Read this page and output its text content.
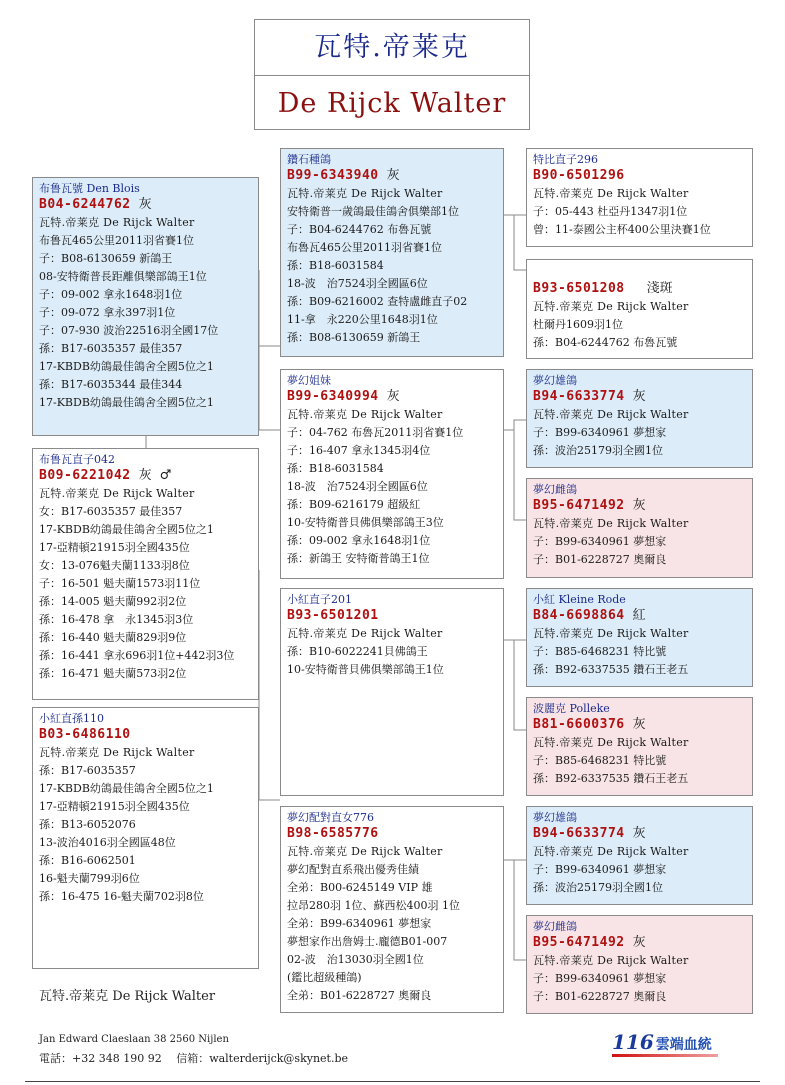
瓦特.帝莱克
De Rijck Walter
布鲁瓦號 Den Blois
B04-6244762 灰
瓦特.帝莱克 De Rijck Walter
布鲁瓦465公里2011羽省賽1位
子：B08-6130659 新鴿王
08-安特衛普長距離俱樂部鴿王1位
子：09-002 拿永1648羽1位
子：09-072 拿永397羽1位
子：07-930 波治22516羽全國17位
孫：B17-6035357 最佳357
17-KBDB幼鴿最佳鴿舍全國5位之1
孫：B17-6035344 最佳344
17-KBDB幼鴿最佳鴿舍全國5位之1
布鲁瓦直子042
B09-6221042 灰 ♂
瓦特.帝莱克 De Rijck Walter
女：B17-6035357 最佳357
17-KBDB幼鴿最佳鴿舍全國5位之1
17-亞精頓21915羽全國435位
女：13-076魁夫蘭1133羽8位
子：16-501 魁夫蘭1573羽11位
孫：14-005 魁夫蘭992羽2位
孫：16-478 拿　永1345羽3位
孫：16-440 魁夫蘭829羽9位
孫：16-441 拿永696羽1位+442羽3位
孫：16-471 魁夫蘭573羽2位
小紅直孫110
B03-6486110
瓦特.帝莱克 De Rijck Walter
孫：B17-6035357
17-KBDB幼鴿最佳鴿舍全國5位之1
17-亞精頓21915羽全國435位
孫：B13-6052076
13-波治4016羽全國區48位
孫：B16-6062501
16-魁夫蘭799羽6位
孫：16-475 16-魁夫蘭702羽8位
鑽石種鴿
B99-6343940 灰
瓦特.帝莱克 De Rijck Walter
安特衛普一歲鴿最佳鴿舍俱樂部1位
子：B04-6244762 布魯瓦號
布魯瓦465公里2011羽省賽1位
孫：B18-6031584
18-波　治7524羽全國區6位
孫：B09-6216002 查特盧雌直子02
11-拿　永220公里1648羽1位
孫：B08-6130659 新鴿王
夢幻姐妹
B99-6340994 灰
瓦特.帝莱克 De Rijck Walter
子：04-762 布魯瓦2011羽省賽1位
子：16-407 拿永1345羽4位
孫：B18-6031584
18-波　治7524羽全國區6位
孫：B09-6216179 超級紅
10-安特衛普貝佛俱樂部鴿王3位
孫：09-002 拿永1648羽1位
孫：新鴿王 安特衛普鴿王1位
小紅直子201
B93-6501201
瓦特.帝莱克 De Rijck Walter
孫：B10-6022241貝佛鴿王
10-安特衛普貝佛俱樂部鴿王1位
夢幻配對直女776
B98-6585776
瓦特.帝莱克 De Rijck Walter
夢幻配對直系飛出優秀佳績
全弟：B00-6245149 VIP 雄
拉昂280羽 1位、蘇西松400羽 1位
全弟：B99-6340961 夢想家
夢想家作出詹姆士.龐德B01-007
02-波　治13030羽全國1位
(鑑比超級種鴿)
全弟：B01-6228727 奧爾良
特比直子296
B90-6501296
瓦特.帝莱克 De Rijck Walter
子：05-443 杜亞丹1347羽1位
曾：11-泰國公主杯400公里決賽1位
B93-6501208 淺斑
瓦特.帝莱克 De Rijck Walter
杜爾丹1609羽1位
孫：B04-6244762 布魯瓦號
夢幻雄鴿
B94-6633774 灰
瓦特.帝莱克 De Rijck Walter
子：B99-6340961 夢想家
孫：波治25179羽全國1位
夢幻雌鴿
B95-6471492 灰
瓦特.帝莱克 De Rijck Walter
子：B99-6340961 夢想家
子：B01-6228727 奧爾良
小紅 Kleine Rode
B84-6698864 紅
瓦特.帝莱克 De Rijck Walter
子：B85-6468231 特比號
孫：B92-6337535 鑽石王老五
波麗克 Polleke
B81-6600376 灰
瓦特.帝莱克 De Rijck Walter
子：B85-6468231 特比號
孫：B92-6337535 鑽石王老五
夢幻雄鴿
B94-6633774 灰
瓦特.帝莱克 De Rijck Walter
子：B99-6340961 夢想家
孫：波治25179羽全國1位
夢幻雌鴿
B95-6471492 灰
瓦特.帝莱克 De Rijck Walter
子：B99-6340961 夢想家
子：B01-6228727 奧爾良
瓦特.帝莱克 De Rijck Walter
Jan Edward Claeslaan 38 2560 Nijlen
電話：+32 348 190 92　 信箱：walterderijck@skynet.be
116 雲端血統
